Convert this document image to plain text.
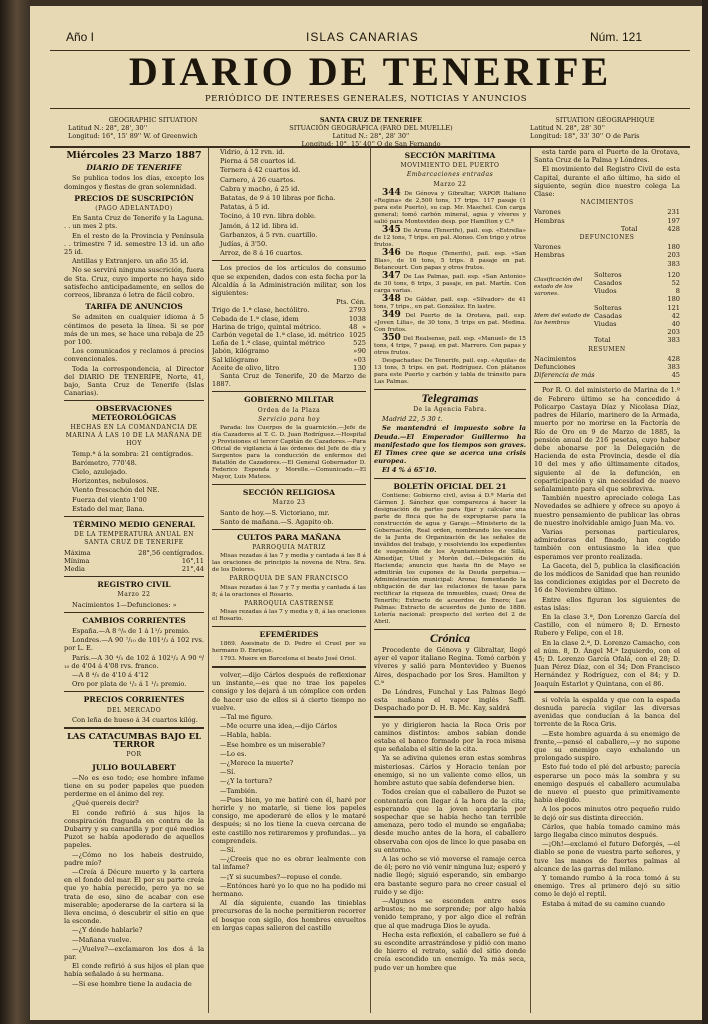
Año I	ISLAS CANARIAS	Núm. 121
DIARIO DE TENERIFE
PERIÓDICO DE INTERESES GENERALES, NOTICIAS Y ANUNCIOS
GEOGRAPHIC SITUATION
Latitud N.: 28°, 28', 30''
Longitud: 16°, 15' 89'' W. of Greenwich
SANTA CRUZ DE TENERIFE
SITUACIÓN GEOGRÁFICA (FARO DEL MUELLE)
Latitud N.: 28°, 28' 30''
Longitud: 10°, 15' 40'' O de San Fernando
SITUATION GÉOGRAPHIQUE
Latitud N. 28°, 28' 30''
Longitud: 18°, 33' 30'' O de Paris
Miércoles 23 Marzo 1887
DIARIO DE TENERIFE

Se publica todos los días, excepto los domingos y fiestas de gran solemnidad.

PRECIOS DE SUSCRIPCIÓN
(PAGO ADELANTADO)

En Santa Cruz de Tenerife y la Laguna. . . un mes 2 pts.

En el resto de la Provincia y Península . . trimestre 7 id. semestre 13 id. un año 25 id.

Antillas y Extranjero. un año 35 id.

No se servirá ninguna suscrición, fuera de Sta. Cruz, cuyo importe no haya sido satisfecho anticipadamente, en sellos de correos, libranza ó letra de fácil cobro.

TARIFA DE ANUNCIOS

Se admiten en cualquier idioma á 5 céntimos de peseta la línea. Si se por más de un mes, se hace una rebaja de 25 por 100.

Los comunicados y reclamos á precios convencionales.

Toda la correspondencia, al Director del DIARIO DE TENERIFE, Norte, 41, bajo, Santa Cruz de Tenerife (Islas Canarias).

OBSERVACIONES METEOROLÓGICAS
HECHAS EN LA COMANDANCIA DE MARINA Á LAS 10 DE LA MAÑANA DE HOY

Temp.ª á la sombra: 21 centígrados.

Barómetro, 770'48.

Cielo, azulejado.

Horizontes, nebulosos.

Viento frescachón del NE.

Fuerza del viento 1'00

Estado del mar, llana.

TÉRMINO MEDIO GENERAL
DE LA TEMPERATURA ANUAL EN SANTA CRUZ DE TENERIFE
Máxima	28°,56 centígrados.
Mínima	16°,11
Media	21°,44
REGISTRO CIVIL
Marzo 22

Nacimientos 1—Defunciones: »

CAMBIOS CORRIENTES

España.—A 8 ⁵/₈ de 1 á 1¹/₂ premio.

Londres.—A 90 ⁷/₁₀ de 101¹/₂ á 102 rvs. por L. E.

París.—A 30 ⁴/₅ de 102 á 102¹/₂ A 90 ⁶/₁₀ de 4'04 á 4'08 rvs. franco.

—A 8 ⁴/₅ de 4'10 á 4'12

Oro por plata de ¹/₂ á 1 ¹/₂ premio.

PRECIOS CORRIENTES
DEL MERCADO

Con leña de hueso á 34 cuartos kilóg.

LAS CATACUMBAS BAJO EL TERROR
POR
JULIO BOULABERT

—No es eso todo; ese hombre infame tiene en su poder papeles que pueden perderme en el ánimo del rey.

¿Qué quereis decir?

El conde refirió á sus hijos la conspiración fraguada en contra de la Dubarry y su camarilla y por qué medios Puzot se había apoderado de aquellos papeles.

—¿Cómo no los habeis destruido, padre mío?

—Creía á Décure muerto y la cartera en el fondo del mar. El por su parte creía que yo había perecido, pero ya no se trata de eso, sino de acabar con ese miserable; apoderarse de la cartera si la lleva encima, ó descubrir el sitio en que la esconde.

—¿Y dónde hablarle?

—Mañana vuelve.

—¿Vuelve?—exclamaron los dos á la par.

El conde refirió á sus hijos el plan que había señalado á su hermana.

—Si ese hombre tiene la audacia de

Vidrio, á 12 rvn. id.

Pierna á 58 cuartos id.

Ternera á 42 cuartos id.

Carnero, á 26 cuartos.

Cabra y macho, á 25 id.

Batatas, de 9 á 10 libras por ficha.

Patatas, á 5 id.

Tocino, á 10 rvn. libra doble.

Jamón, á 12 id. libra id.

Garbanzos, á 5 rvn. cuartillo.

Judías, á 3'50.

Arroz, de 8 á 16 cuartos.

Los precios de los artículos de consumo que se expenden, dados con esta fecha por la Alcaldía á la Administración militar, son los siguientes:

Pts. Cén.
Trigo de 1.ª clase, hectólitro.	27	93
Cebada de 1.ª clase, idem	10	38
Harina de trigo, quintal métrico.	48	»
Carbón vegetal de 1.ª clase, id. métrico	10	25
Leña de 1.ª clase, quintal métrico	5	25
Jabón, kilógramo	»	90
Sal kilógramo	»	03
Aceite de olivo, litro	1	30

Santa Cruz de Tenerife, 20 de Marzo de 1887.

GOBIERNO MILITAR
Orden de la Plaza
Servicio para hoy

Parada: los Cuerpos de la guarnición.—Jefe de día Cazadores al T. C. D. Juan Rodríguez.—Hospital y Provisiones el tercer Capitán de Cazadores.—Para Oficial de vigilancia á las órdenes del Jefe de día y Sargentos para la conducción de enfermos del Batallón de Cazadores.—El General Gobernador D. Federico Esponda y Morelle.—Comunicado.—El Mayor, Luis Mateos.

SECCIÓN RELIGIOSA
Marzo 23

Santo de hoy.—S. Victoriano, mr.

Santo de mañana.—S. Agapito ob.

CULTOS PARA MAÑANA
PARROQUIA MATRIZ

Misas rezadas á las 7 y media y cantada á las 8 á las oraciones de principio la novena de Ntra. Sra. de los Dolores.

PARROQUIA DE SAN FRANCISCO

Misas rezadas á las 7 y 7 y media y cantada á las 8; á la oraciones el Rosario.

PARROQUIA CASTRENSE

Misas rezadas á las 7 y media y 8, á las oraciones el Rosario.

EFEMÉRIDES

1869. Asesinato de D. Pedro el Cruel por su hermano D. Enrique.

1793. Muere en Barcelona el beato José Oriol.

volver,—dijo Cárlos después de reflexionar un instante,—es que no trae los papeles consigo y los dejará á un cómplice con orden de hacer uso de ellos si á cierto tiempo no vuelve.

—Tal me figuro.

—Me ocurre una idea,—dijo Cárlos

—Habla, habla.

—Ese hombre es un miserable?

—Lo es.

—¿Merece la muerte?

—Sí.

—¿Y la tortura?

—También.

—Pues bien, yo me batiré con él, haré por herirle y no matarle, si tiene los papeles consigo, me apoderaré de ellos y le mataré después; si no los tiene la cueva cercana de este castillo nos retiraremos y profundas... ya comprendeis.

—Sí.

—¿Creeis que no es obrar lealmente con tal infame?

—¡Y si sucumbes?—repuso el conde.

—Entónces haré yo lo que no ha podido mi hermano.

Al día siguiente, cuando las tinieblas precursoras de la noche permitieron recorrer el bosque con sigilo, dos hombres envueltos en largas capas salieron del castillo

SECCIÓN MARÍTIMA
MOVIMIENTO DEL PUERTO
Embarcaciones entradas
Marzo 22

344 De Génova y Gibraltar, VAPOR Italiano «Regina» de 2,500 tons, 17 trips. 117 pasaje (1 para este Puerto), su cap. Mr. Maschel. Con carga general; tomó carbón mineral, agua y víveres y salió para Montevideo desp. por Hamilton y C.ª

345 De Arona (Tenerife), pail. esp. «Estrella» de 12 tons, 7 trips. en pal. Alonso. Con trigo y otros frutos.

346 De Roque (Tenerife), pail. esp. «San Blas», de 16 tons, 5 trips. 8 pasaje en pat. Betancourt. Con papas y otros frutos.

347 De Las Palmas, pail. esp. «San Antonio» de 30 tons, 6 trips, 3 pasaje, en pat. Martín. Con carga varias.

348 De Gáldar, pail. esp. «Silvador» de 41 tons, 7 trips., en pat. González. En lastre.

349 Del Puerto de la Orotava, pail. esp. «Joven Lilia», de 30 tons, 5 trips en pat. Medina. Con frutos.

350 Del Realsense, pail. esp. «Manuel» de 15 tons, 4 trips, 7 pasaj. en pat. Marrero. Con papas y otros frutos.

Despachadas: De Tenerife, pail. esp. «Aquila» de 13 tons, 5 trips. en pat. Rodríguez. Con plátanos para este Puerto y carbón y tabla de tránsito para Las Palmas.

Telegramas
De la Agencia Fabra.

Madrid 22, 5 30 t.

Se mantendrá el impuesto sobre la Deuda.—El Emperador Guillermo ha manifestado que los tiempos son graves. El Times cree que se acerca una crisis europea.

El 4 % á 65'10.

BOLETÍN OFICIAL DEL 21

Contiene: Gobierno civil, avisa á D.ª María del Cármen J. Sánchez que comparezca á hacer la designación de partes para fijar y calcular una parte de finca que ha de expropiarse para la construcción de agua y Garaje.—Ministerio de la Gobernación, Real orden, nombrando los vocales de la Junta de Organización de las señales de inválidos del trabajo, y resolviendo los expedientes de suspensión de los Ayuntamientos de Sillá, Almedíjar, Utiel y Morón del.—Delegación de Hacienda; anuncio que hasta fin de Mayo se admitirán los cupones de la Deuda perpetua.—Administración municipal: Arona; fomentando la obligación de dar las relaciones de tasas para rectificar la riqueza de inmuebles, cuasi; Orea de Tenerife; Extracto de acuerdos de Enero; Las Palmas: Extracto de acuerdos de Junio de 1886. Lotería nacional: prospecto del sorteo del 2 de Abril.

Crónica

Procedente de Génova y Gibraltar, llegó ayer el vapor italiano Regina. Tomó carbón y víveres y salió para Montevideo y Buenos Aires, despachado por los Sres. Hamilton y C.ª

De Lóndres, Funchal y Las Palmas llegó esta mañana el vapor inglés Saffi. Despachado por D. H. B. Mc. Kay, saldrá

ye y dirigieron hacia la Roca Oris por caminos distintos: ambos sabían donde estaba el banco formado por la roca misma que señalaba el sitio de la cita.

Ya se adivina quienes eran estas sombras misteriosas. Cárlos y Horacio tenían por enemigo, si no un valiente como ellos, un hombre astuto que sabía defenderse bien.

Todos creían que el caballero de Puzot se contentaría con llegar á la hora de la cita; esperando que la joven aceptaría por sospechar que se había hecho tan terrible amenaza, pero todo el mundo se engañaba; desde mucho antes de la hora, el caballero observaba con ojos de lince lo que pasaba en su entorno.

A las ocho se vió moverse el ramaje cerca de él; pero no vió venir ninguna luz; esperó y nadie llegó; siguió esperando, sin embargo era bastante seguro para no creer casual el ruido y se dijo:

—Algunos se esconden entre esos arbustos; no me sorprende; por algo había venido temprano, y por algo dice el refrán que al que madruga Dios le ayuda.

Hecha esta reflexión, el caballero se fué á su escondite arrastrándose y pidió con mano de hierro el retrato, salió del sitio donde creía escondido un enemigo. Ya más seca, pudo ver un hombre que

esta tarde para el Puerto de la Orotava, Santa Cruz de la Palma y Lóndres.

El movimiento del Registro Civil de esta Capital, durante el año último, ha sido el siguiente, según dice nuestro colega La Clase:

NACIMIENTOS
Varones	231
Hembras	197
Total	428
DEFUNCIONES
Varones	180
Hembras	203
	383
Clasificación del estado de los varones.	Solteros	120
	Casados	52
	Viudos	8
		180
Idem del estado de las hembras	Solteras	121
	Casadas	42
	Viudas	40
		203
	Total	383
RESUMEN
Nacimientos	428
Defunciones	383
Diferencia de más	45

Por R. O. del ministerio de Marina de 1.º de Febrero último se ha concedido á Policarpo Castaya Díaz y Nicolasa Díaz, padres de Hilario, marinero de la Armada, muerto por no morirse en la Factoría de Río de Oro en 9 de Marzo de 1885, la pensión anual de 216 pesetas, cuyo haber debe abonarse por la Delegación de Hacienda de esta Provincia, desde el día 10 del mes y año últimamente citados, siguiente al de la defunción, en coparticipación y sin necesidad de nuevo señalamiento para el que sobreviva.

También nuestro apreciado colega Las Novedades se adhiere y ofrece su apoyo á nuestro pensamiento de publicar las obras de nuestro inolvidable amigo Juan Ma. vo.

Varias personas particulares, admiradoras del finado, han cogido también con entusiasmo la idea que esperamos ver pronto realizada.

La Gaceta, del 5, publica la clasificación de los médicos de Sanidad que han reunido las condiciones exigidas por el Decreto de 16 de Noviembre último.

Entre ellos figuran los siguientes de estas islas:

En la clase 3.ª, Don Lorenzo García del Castillo, con el número 8; D. Ernesto Rubero y Felipe, con el 18.

En la clase 2.ª, D. Lorenzo Camacho, con el núm. 8, D. Ángel M.ª Izquierdo, con el 45; D. Lorenzo García Ofalá, con el 28; D. Juan Pérez Díaz, con el 34; Don Francisco Hernández y Rodríguez, con el 84; y D. Joaquín Estarlot y Quintana, con el 86.

si volvía la espalda y que con la espada desnuda parecía vigilar las diversas avenidas que conducían á la banca del torrente de la Roca Gris.

—Este hombre aguarda á su enemigo de frente,—pensó el caballero,—y no supone que su enemigo cayo exhalando un prolongado suspiro.

Esto fué todo el plé del arbusto; parecía esperarse un poco más la sombra y su enemigo después el caballero acumulaba de nuevo el puesto que primitivamente había elegido.

A los pocos minutos otro pequeño ruido le dejó oír sus distinta dirección.

Cárlos, que había tomado camino más largo llegaba cinco minutos después.

—¡Oh!—exclamó el futuro Deforgés, —el diablo se pone de vuestra parte señores, y tuve las manos de fuertes palmas al alcance de las garras del milano.

Y tomando rumbo á la roca tomó á su enemigo. Tres al primero dejó su sitio como le dejó el reptil.

Estaba á mitad de su camino cuando
